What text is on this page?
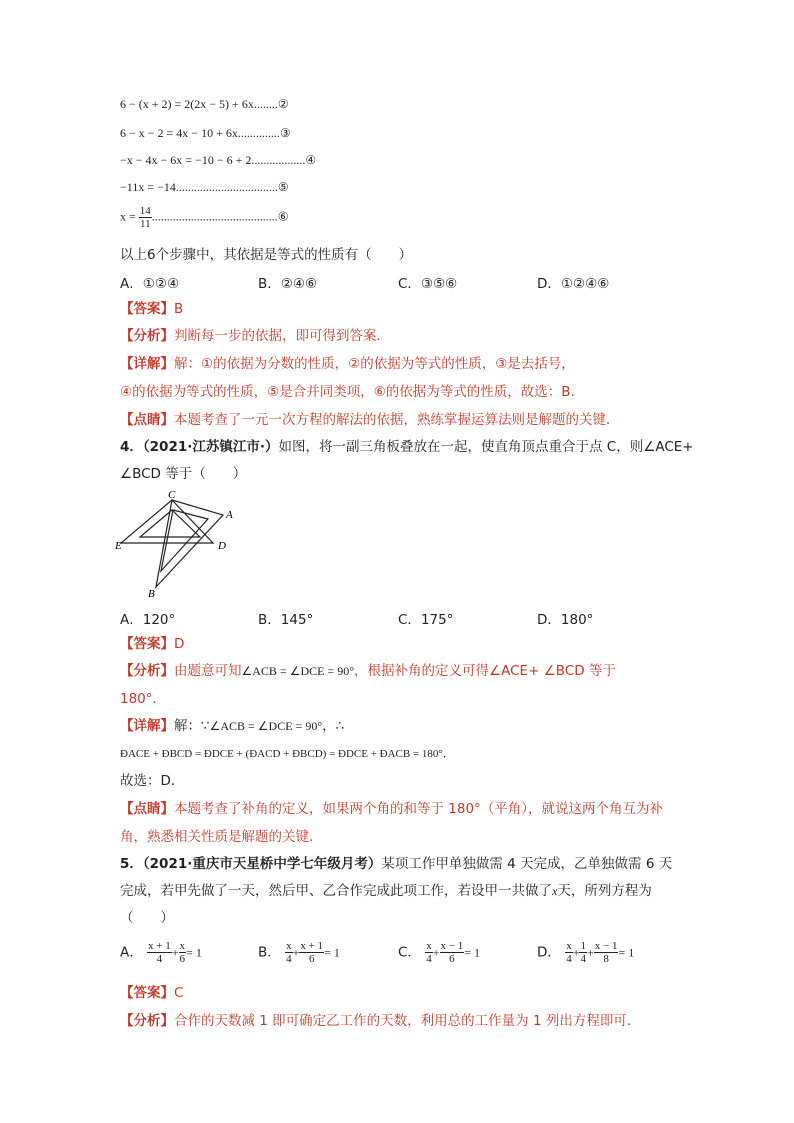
6 − (x + 2) = 2(2x − 5) + 6x........②
6 − x − 2 = 4x − 10 + 6x..............③
−x − 4x − 6x = −10 − 6 + 2..................④
−11x = −14..................................⑤
$x = \frac{14}{11}$ ..........................................⑥
以上6个步骤中，其依据是等式的性质有（　　）
A．①②④	B．②④⑥	C．③⑤⑥	D．①②④⑥
【答案】B
【分析】判断每一步的依据，即可得到答案．
【详解】解：①的依据为分数的性质，②的依据为等式的性质，③是去括号，
④的依据为等式的性质，⑤是合并同类项，⑥的依据为等式的性质，故选：B．
【点睛】本题考查了一元一次方程的解法的依据，熟练掌握运算法则是解题的关键．
4．（2021·江苏镇江市·）如图，将一副三角板叠放在一起，使直角顶点重合于点 C，则∠ACE+
∠BCD 等于（　　）
C
A
E	D
B
A．120°	B．145°	C．175°	D．180°
【答案】D
【分析】由题意可知∠ACB = ∠DCE = 90°，根据补角的定义可得∠ACE+ ∠BCD 等于
180°．
【详解】解：∵∠ACB = ∠DCE = 90°，∴
ÐACE + ÐBCD = ÐDCE + (ÐACD + ÐBCD) = ÐDCE + ÐACB = 180°．
故选：D．
【点睛】本题考查了补角的定义，如果两个角的和等于 180°（平角），就说这两个角互为补
角，熟悉相关性质是解题的关键．
5．（2021·重庆市天星桥中学七年级月考）某项工作甲单独做需 4 天完成，乙单独做需 6 天
完成，若甲先做了一天，然后甲、乙合作完成此项工作，若设甲一共做了x天，所列方程为
（　　）
A． $\frac{x + 1}{4} + \frac{x}{6} = 1$	B． $\frac{x}{4} + \frac{x + 1}{6} = 1$	C． $\frac{x}{4} + \frac{x - 1}{6} = 1$	D． $\frac{x}{4} + \frac{1}{4} + \frac{x - 1}{8} = 1$
【答案】C
【分析】合作的天数减 1 即可确定乙工作的天数，利用总的工作量为 1 列出方程即可．
